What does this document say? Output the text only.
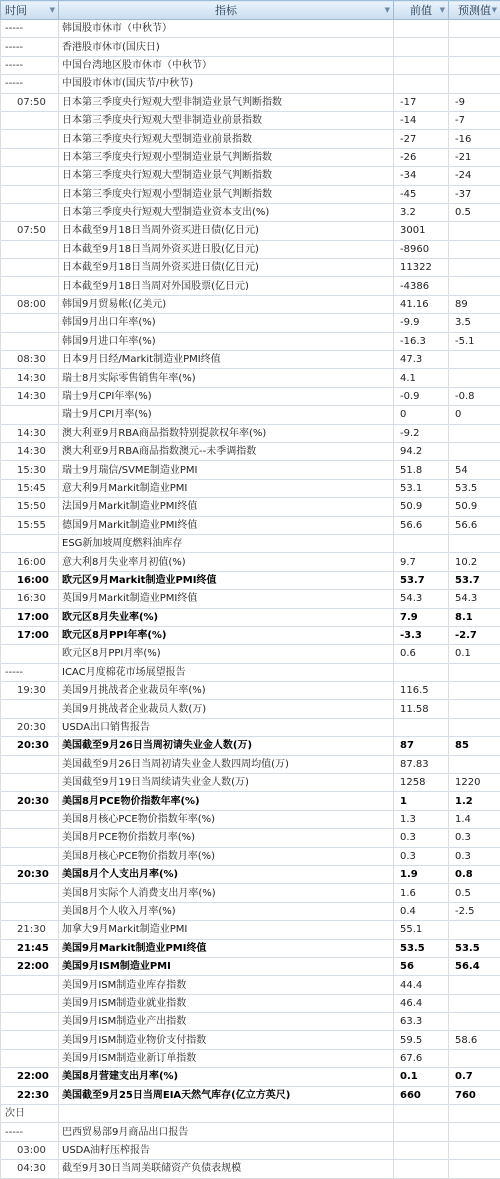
时间 ▼	指标 ▼	前值 ▼	预测值 ▼

-----	韩国股市休市（中秋节）		
-----	香港股市休市(国庆日)		
-----	中国台湾地区股市休市（中秋节）		
-----	中国股市休市(国庆节/中秋节)		
07:50	日本第三季度央行短观大型非制造业景气判断指数	-17	-9
	日本第三季度央行短观大型非制造业前景指数	-14	-7
	日本第三季度央行短观大型制造业前景指数	-27	-16
	日本第三季度央行短观小型制造业景气判断指数	-26	-21
	日本第三季度央行短观大型制造业景气判断指数	-34	-24
	日本第三季度央行短观小型制造业景气判断指数	-45	-37
	日本第三季度央行短观大型制造业资本支出(%)	3.2	0.5
07:50	日本截至9月18日当周外资买进日债(亿日元)	3001	
	日本截至9月18日当周外资买进日股(亿日元)	-8960	
	日本截至9月18日当周外资买进日债(亿日元)	11322	
	日本截至9月18日当周对外国股票(亿日元)	-4386	
08:00	韩国9月贸易帐(亿美元)	41.16	89
	韩国9月出口年率(%)	-9.9	3.5
	韩国9月进口年率(%)	-16.3	-5.1
08:30	日本9月日经/Markit制造业PMI终值	47.3	
14:30	瑞士8月实际零售销售年率(%)	4.1	
14:30	瑞士9月CPI年率(%)	-0.9	-0.8
	瑞士9月CPI月率(%)	0	0
14:30	澳大利亚9月RBA商品指数特别提款权年率(%)	-9.2	
14:30	澳大利亚9月RBA商品指数澳元--未季调指数	94.2	
15:30	瑞士9月瑞信/SVME制造业PMI	51.8	54
15:45	意大利9月Markit制造业PMI	53.1	53.5
15:50	法国9月Markit制造业PMI终值	50.9	50.9
15:55	德国9月Markit制造业PMI终值	56.6	56.6
	ESG新加坡周度燃料油库存		
16:00	意大利8月失业率月初值(%)	9.7	10.2
16:00	欧元区9月Markit制造业PMI终值	53.7	53.7
16:30	英国9月Markit制造业PMI终值	54.3	54.3
17:00	欧元区8月失业率(%)	7.9	8.1
17:00	欧元区8月PPI年率(%)	-3.3	-2.7
	欧元区8月PPI月率(%)	0.6	0.1
-----	ICAC月度棉花市场展望报告		
19:30	美国9月挑战者企业裁员年率(%)	116.5	
	美国9月挑战者企业裁员人数(万)	11.58	
20:30	USDA出口销售报告		
20:30	美国截至9月26日当周初请失业金人数(万)	87	85
	美国截至9月26日当周初请失业金人数四周均值(万)	87.83	
	美国截至9月19日当周续请失业金人数(万)	1258	1220
20:30	美国8月PCE物价指数年率(%)	1	1.2
	美国8月核心PCE物价指数年率(%)	1.3	1.4
	美国8月PCE物价指数月率(%)	0.3	0.3
	美国8月核心PCE物价指数月率(%)	0.3	0.3
20:30	美国8月个人支出月率(%)	1.9	0.8
	美国8月实际个人消费支出月率(%)	1.6	0.5
	美国8月个人收入月率(%)	0.4	-2.5
21:30	加拿大9月Markit制造业PMI	55.1	
21:45	美国9月Markit制造业PMI终值	53.5	53.5
22:00	美国9月ISM制造业PMI	56	56.4
	美国9月ISM制造业库存指数	44.4	
	美国9月ISM制造业就业指数	46.4	
	美国9月ISM制造业产出指数	63.3	
	美国9月ISM制造业物价支付指数	59.5	58.6
	美国9月ISM制造业新订单指数	67.6	
22:00	美国8月营建支出月率(%)	0.1	0.7
22:30	美国截至9月25日当周EIA天然气库存(亿立方英尺)	660	760
次日			
-----	巴西贸易部9月商品出口报告		
03:00	USDA油籽压榨报告		
04:30	截至9月30日当周美联储资产负债表规模		
